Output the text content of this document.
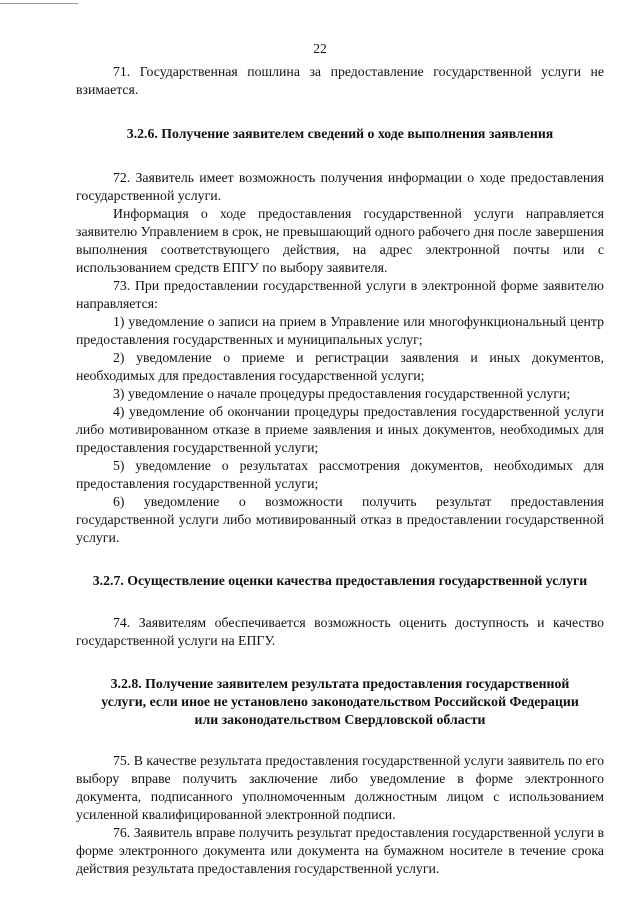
22

71. Государственная пошлина за предоставление государственной услуги не взимается.

3.2.6. Получение заявителем сведений о ходе выполнения заявления

72. Заявитель имеет возможность получения информации о ходе предоставления государственной услуги.

Информация о ходе предоставления государственной услуги направляется заявителю Управлением в срок, не превышающий одного рабочего дня после завершения выполнения соответствующего действия, на адрес электронной почты или с использованием средств ЕПГУ по выбору заявителя.

73. При предоставлении государственной услуги в электронной форме заявителю направляется:

1) уведомление о записи на прием в Управление или многофункциональный центр предоставления государственных и муниципальных услуг;

2) уведомление о приеме и регистрации заявления и иных документов, необходимых для предоставления государственной услуги;

3) уведомление о начале процедуры предоставления государственной услуги;

4) уведомление об окончании процедуры предоставления государственной услуги либо мотивированном отказе в приеме заявления и иных документов, необходимых для предоставления государственной услуги;

5) уведомление о результатах рассмотрения документов, необходимых для предоставления государственной услуги;

6) уведомление о возможности получить результат предоставления государственной услуги либо мотивированный отказ в предоставлении государственной услуги.

3.2.7. Осуществление оценки качества предоставления государственной услуги

74. Заявителям обеспечивается возможность оценить доступность и качество государственной услуги на ЕПГУ.

3.2.8. Получение заявителем результата предоставления государственной услуги, если иное не установлено законодательством Российской Федерации или законодательством Свердловской области

75. В качестве результата предоставления государственной услуги заявитель по его выбору вправе получить заключение либо уведомление в форме электронного документа, подписанного уполномоченным должностным лицом с использованием усиленной квалифицированной электронной подписи.

76. Заявитель вправе получить результат предоставления государственной услуги в форме электронного документа или документа на бумажном носителе в течение срока действия результата предоставления государственной услуги.
